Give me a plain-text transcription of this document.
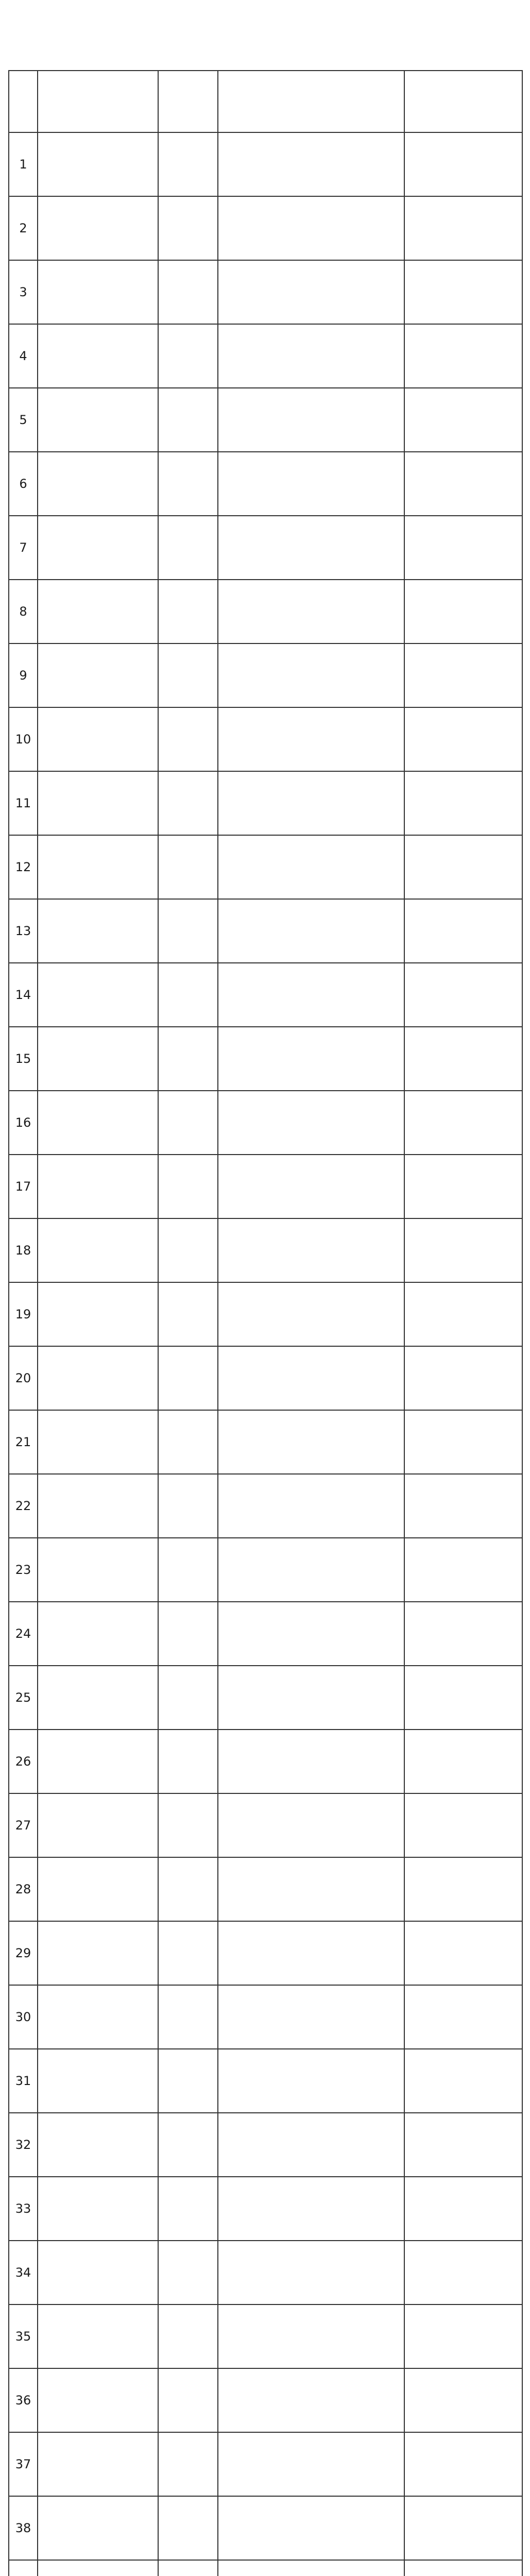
1				
2				
3				
4				
5				
6				
7				
8				
9				
10				
11				
12				
13				
14				
15				
16				
17				
18				
19				
20				
21				
22				
23				
24				
25				
26				
27				
28				
29				
30				
31				
32				
33				
34				
35				
36				
37				
38				
